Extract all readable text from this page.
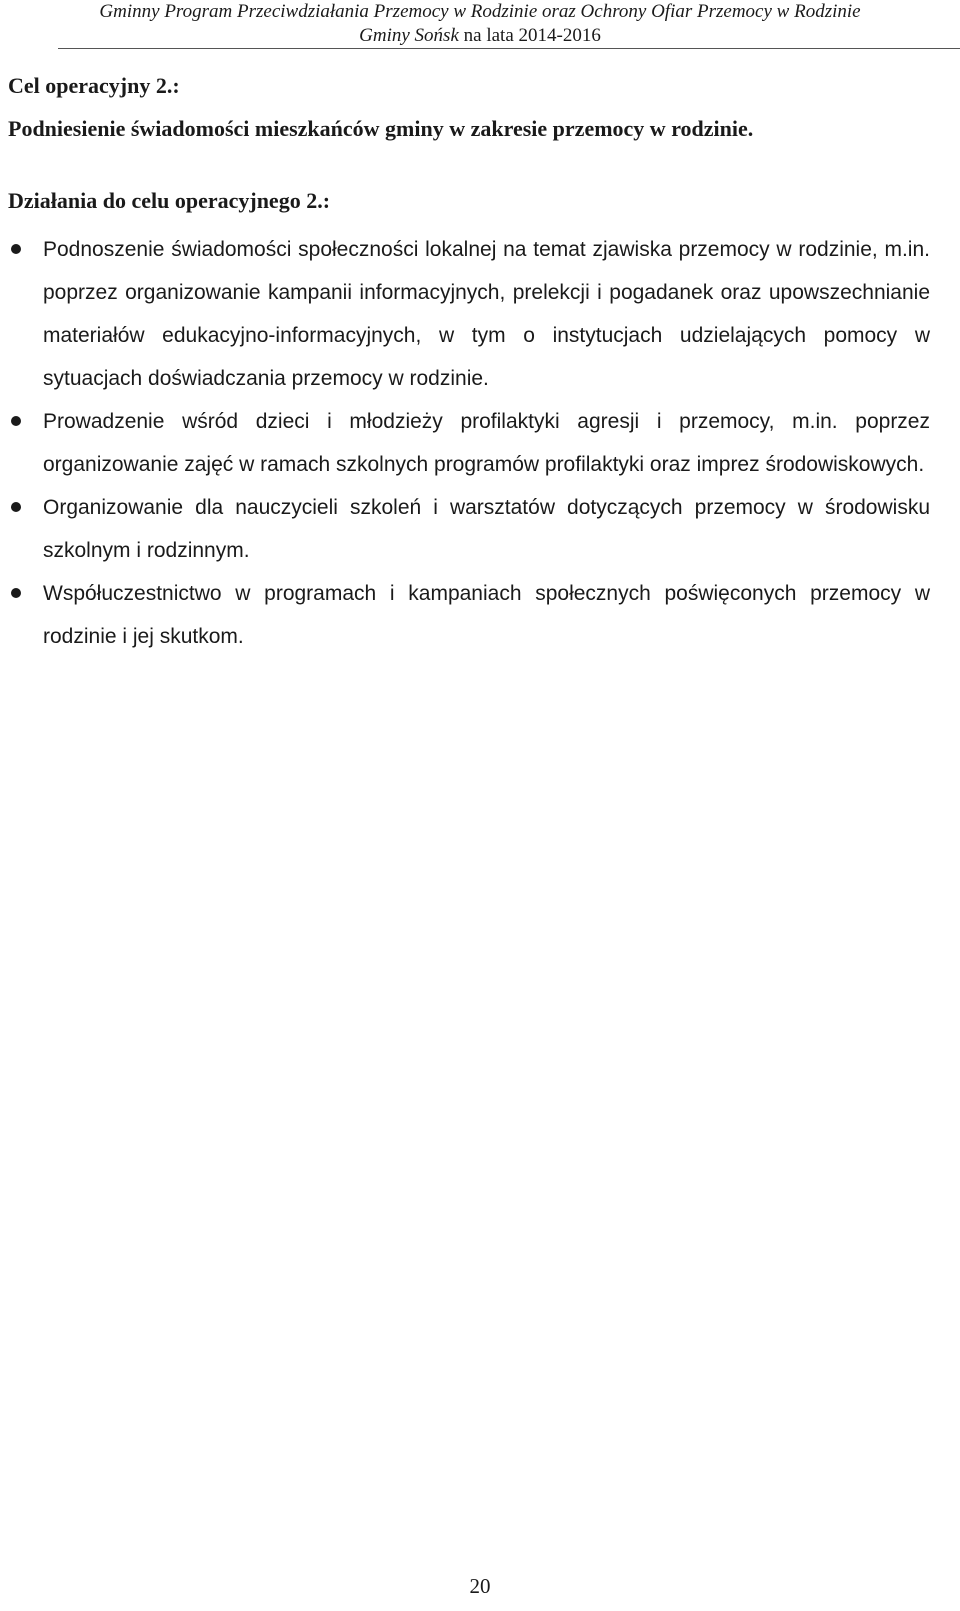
Gminny Program Przeciwdziałania Przemocy w Rodzinie oraz Ochrony Ofiar Przemocy w Rodzinie
Gminy Sońsk na lata 2014-2016
Cel operacyjny 2.:
Podniesienie świadomości mieszkańców gminy w zakresie przemocy w rodzinie.
Działania do celu operacyjnego 2.:
Podnoszenie świadomości społeczności lokalnej na temat zjawiska przemocy w rodzinie, m.in. poprzez organizowanie kampanii informacyjnych, prelekcji i pogadanek oraz upowszechnianie materiałów edukacyjno-informacyjnych, w tym o instytucjach udzielających pomocy w sytuacjach doświadczania przemocy w rodzinie.
Prowadzenie wśród dzieci i młodzieży profilaktyki agresji i przemocy, m.in. poprzez organizowanie zajęć w ramach szkolnych programów profilaktyki oraz imprez środowiskowych.
Organizowanie dla nauczycieli szkoleń i warsztatów dotyczących przemocy w środowisku szkolnym i rodzinnym.
Współuczestnictwo w programach i kampaniach społecznych poświęconych przemocy w rodzinie i jej skutkom.
20
